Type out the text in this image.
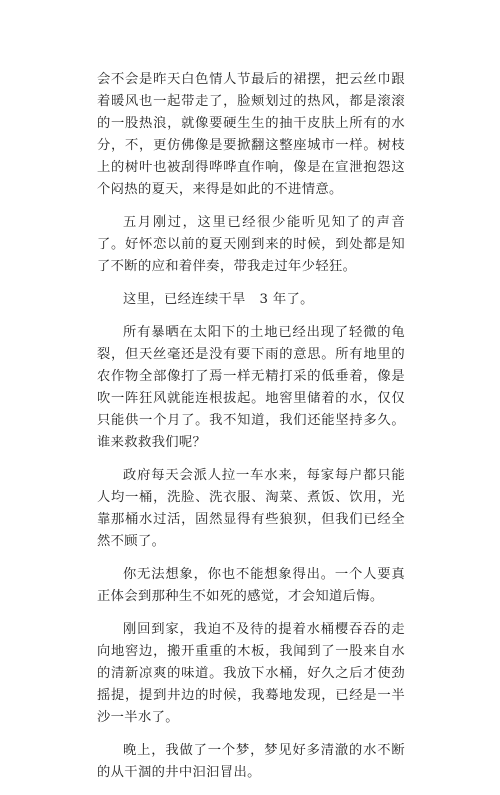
会不会是昨天白色情人节最后的裙摆，把云丝巾跟着暖风也一起带走了，脸颊划过的热风，都是滚滚的一股热浪，就像要硬生生的抽干皮肤上所有的水分，不，更仿佛像是要掀翻这整座城市一样。树枝上的树叶也被刮得哗哗直作响，像是在宣泄抱怨这个闷热的夏天，来得是如此的不进情意。

五月刚过，这里已经很少能听见知了的声音了。好怀恋以前的夏天刚到来的时候，到处都是知了不断的应和着伴奏，带我走过年少轻狂。

这里，已经连续干旱　3 年了。

所有暴晒在太阳下的土地已经出现了轻微的龟裂，但天丝毫还是没有要下雨的意思。所有地里的农作物全部像打了焉一样无精打采的低垂着，像是吹一阵狂风就能连根拔起。地窖里储着的水，仅仅只能供一个月了。我不知道，我们还能坚持多久。谁来救救我们呢？

政府每天会派人拉一车水来，每家每户都只能人均一桶，洗脸、洗衣服、淘菜、煮饭、饮用，光靠那桶水过活，固然显得有些狼狈，但我们已经全然不顾了。

你无法想象，你也不能想象得出。一个人要真正体会到那种生不如死的感觉，才会知道后悔。

刚回到家，我迫不及待的提着水桶樱吞吞的走向地窖边，搬开重重的木板，我闻到了一股来自水的清新凉爽的味道。我放下水桶，好久之后才使劲摇提，提到井边的时候，我蓦地发现，已经是一半沙一半水了。

晚上，我做了一个梦，梦见好多清澈的水不断的从干涸的井中汩汩冒出。
